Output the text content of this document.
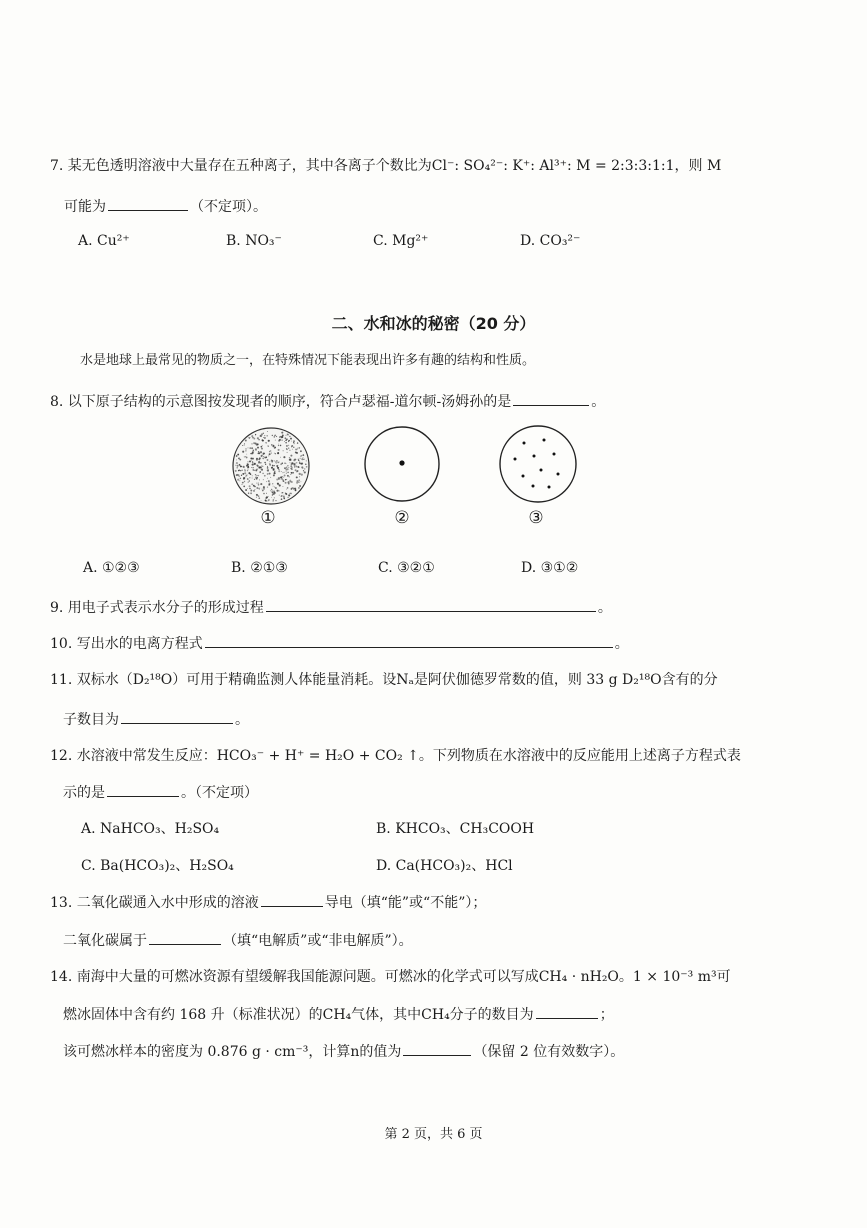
7. 某无色透明溶液中大量存在五种离子，其中各离子个数比为Cl⁻: SO₄²⁻: K⁺: Al³⁺: M = 2:3:3:1:1，则 M
可能为	（不定项）。
A. Cu²⁺	B. NO₃⁻	C. Mg²⁺	D. CO₃²⁻
二、水和冰的秘密（20 分）
水是地球上最常见的物质之一，在特殊情况下能表现出许多有趣的结构和性质。
8. 以下原子结构的示意图按发现者的顺序，符合卢瑟福-道尔顿-汤姆孙的是	。
①	②	③
A. ①②③	B. ②①③	C. ③②①	D. ③①②
9. 用电子式表示水分子的形成过程	。
10. 写出水的电离方程式	。
11. 双标水（D₂¹⁸O）可用于精确监测人体能量消耗。设Nₐ是阿伏伽德罗常数的值，则 33 g D₂¹⁸O含有的分
子数目为	。
12. 水溶液中常发生反应：HCO₃⁻ + H⁺ = H₂O + CO₂ ↑。下列物质在水溶液中的反应能用上述离子方程式表
示的是	。（不定项）
A. NaHCO₃、H₂SO₄	B. KHCO₃、CH₃COOH
C. Ba(HCO₃)₂、H₂SO₄	D. Ca(HCO₃)₂、HCl
13. 二氧化碳通入水中形成的溶液	导电（填“能”或“不能”）；
二氧化碳属于	（填“电解质”或“非电解质”）。
14. 南海中大量的可燃冰资源有望缓解我国能源问题。可燃冰的化学式可以写成CH₄ · nH₂O。1 × 10⁻³ m³可
燃冰固体中含有约 168 升（标准状况）的CH₄气体，其中CH₄分子的数目为	；
该可燃冰样本的密度为 0.876 g · cm⁻³，计算n的值为	（保留 2 位有效数字）。
第 2 页，共 6 页
